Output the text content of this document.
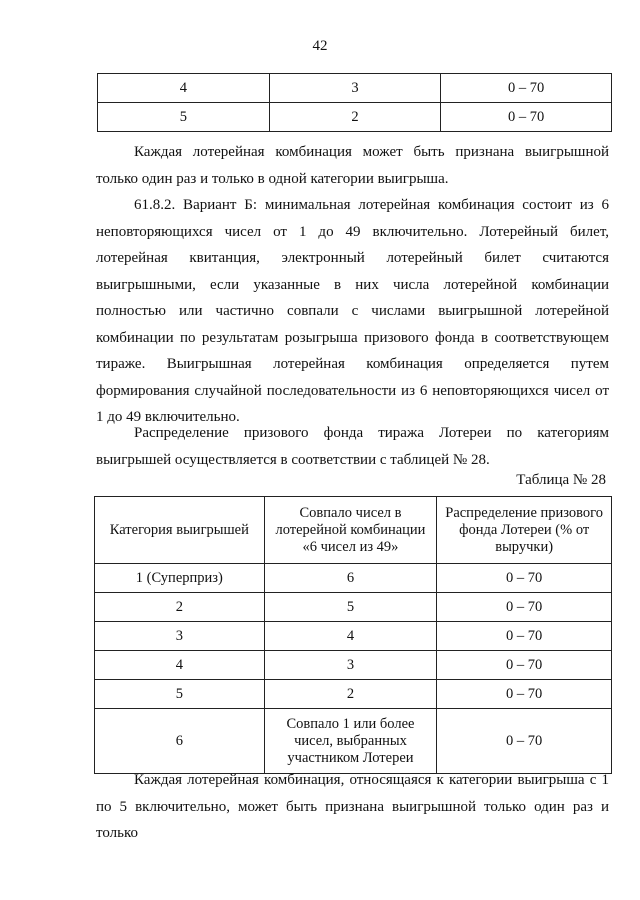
42
4	3	0 – 70
5	2	0 – 70

Каждая лотерейная комбинация может быть признана выигрышной только один раз и только в одной категории выигрыша.

61.8.2. Вариант Б: минимальная лотерейная комбинация состоит из 6 неповторяющихся чисел от 1 до 49 включительно. Лотерейный билет, лотерейная квитанция, электронный лотерейный билет считаются выигрышными, если указанные в них числа лотерейной комбинации полностью или частично совпали с числами выигрышной лотерейной комбинации по результатам розыгрыша призового фонда в соответствующем тираже. Выигрышная лотерейная комбинация определяется путем формирования случайной последовательности из 6 неповторяющихся чисел от 1 до 49 включительно.

Распределение призового фонда тиража Лотереи по категориям выигрышей осуществляется в соответствии с таблицей № 28.

Таблица № 28
Категория выигрышей	Совпало чисел в лотерейной комбинации «6 чисел из 49»	Распределение призового фонда Лотереи (% от выручки)
1 (Суперприз)	6	0 – 70
2	5	0 – 70
3	4	0 – 70
4	3	0 – 70
5	2	0 – 70
6	Совпало 1 или более чисел, выбранных участником Лотереи	0 – 70

Каждая лотерейная комбинация, относящаяся к категории выигрыша с 1 по 5 включительно, может быть признана выигрышной только один раз и только
